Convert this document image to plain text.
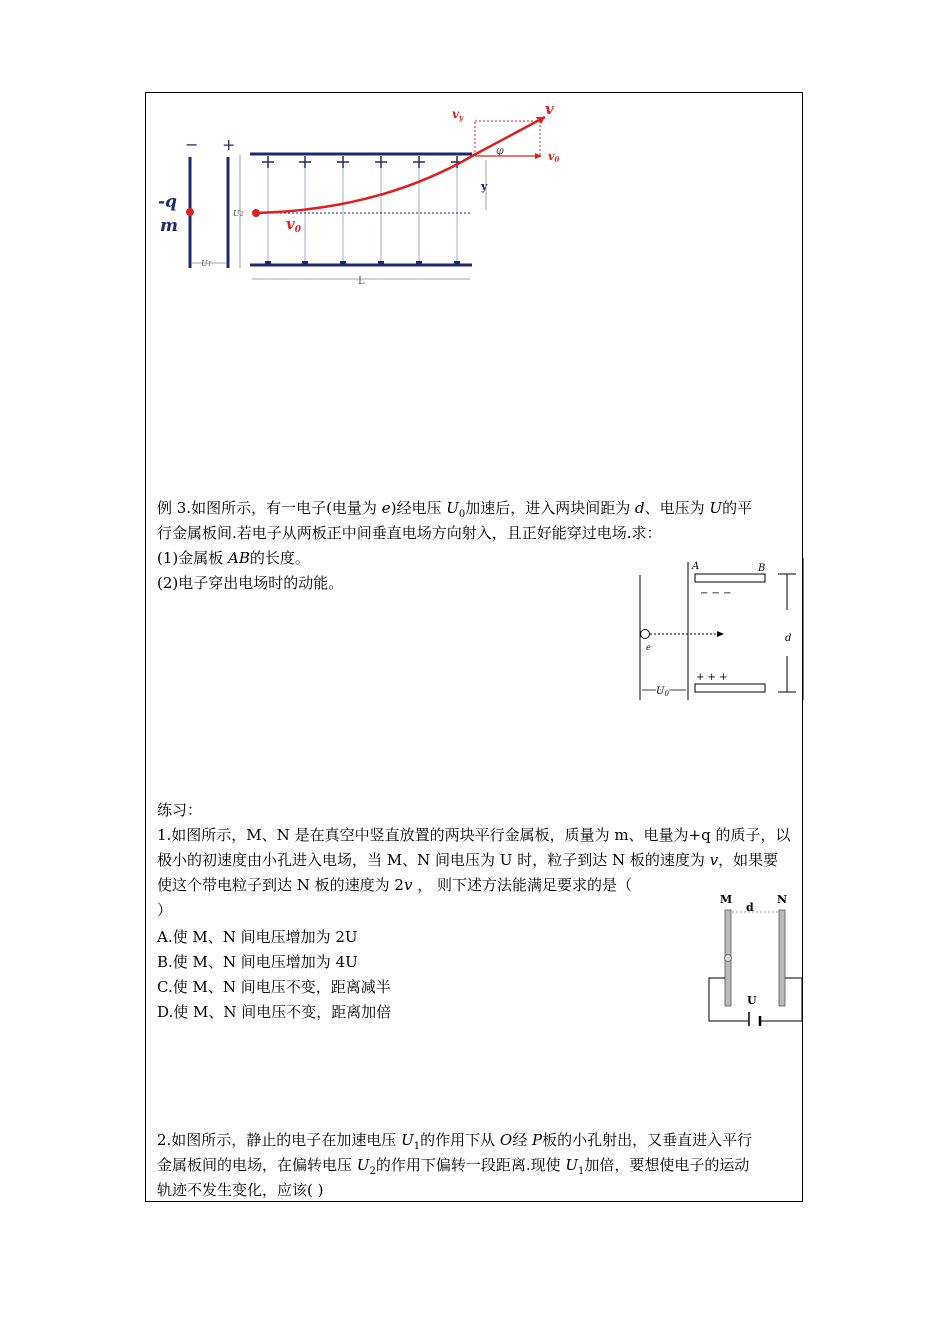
− +
-q
m
U1
U2
$v_0$
vy	v
φ	v0
y
L
例 3.如图所示，有一电子(电量为 e)经电压 $U_0$加速后，进入两块间距为 d、电压为 U的平
行金属板间.若电子从两板正中间垂直电场方向射入，且正好能穿过电场.求：
(1)金属板 AB的长度。
(2)电子穿出电场时的动能。
A	B
− − −
+ + +
e
d
$U_0$
练习：
1.如图所示，M、N 是在真空中竖直放置的两块平行金属板，质量为 m、电量为+q 的质子，以
极小的初速度由小孔进入电场，当 M、N 间电压为 U 时，粒子到达 N 板的速度为 v，如果要
使这个带电粒子到达 N 板的速度为 2v ， 则下述方法能满足要求的是（
）
A.使 M、N 间电压增加为 2U
B.使 M、N 间电压增加为 4U
C.使 M、N 间电压不变，距离减半
D.使 M、N 间电压不变，距离加倍
M	N
d
U
2.如图所示，静止的电子在加速电压 $U_1$的作用下从 O经 P板的小孔射出，又垂直进入平行
金属板间的电场，在偏转电压 $U_2$的作用下偏转一段距离.现使 $U_1$加倍，要想使电子的运动
轨迹不发生变化，应该( )
